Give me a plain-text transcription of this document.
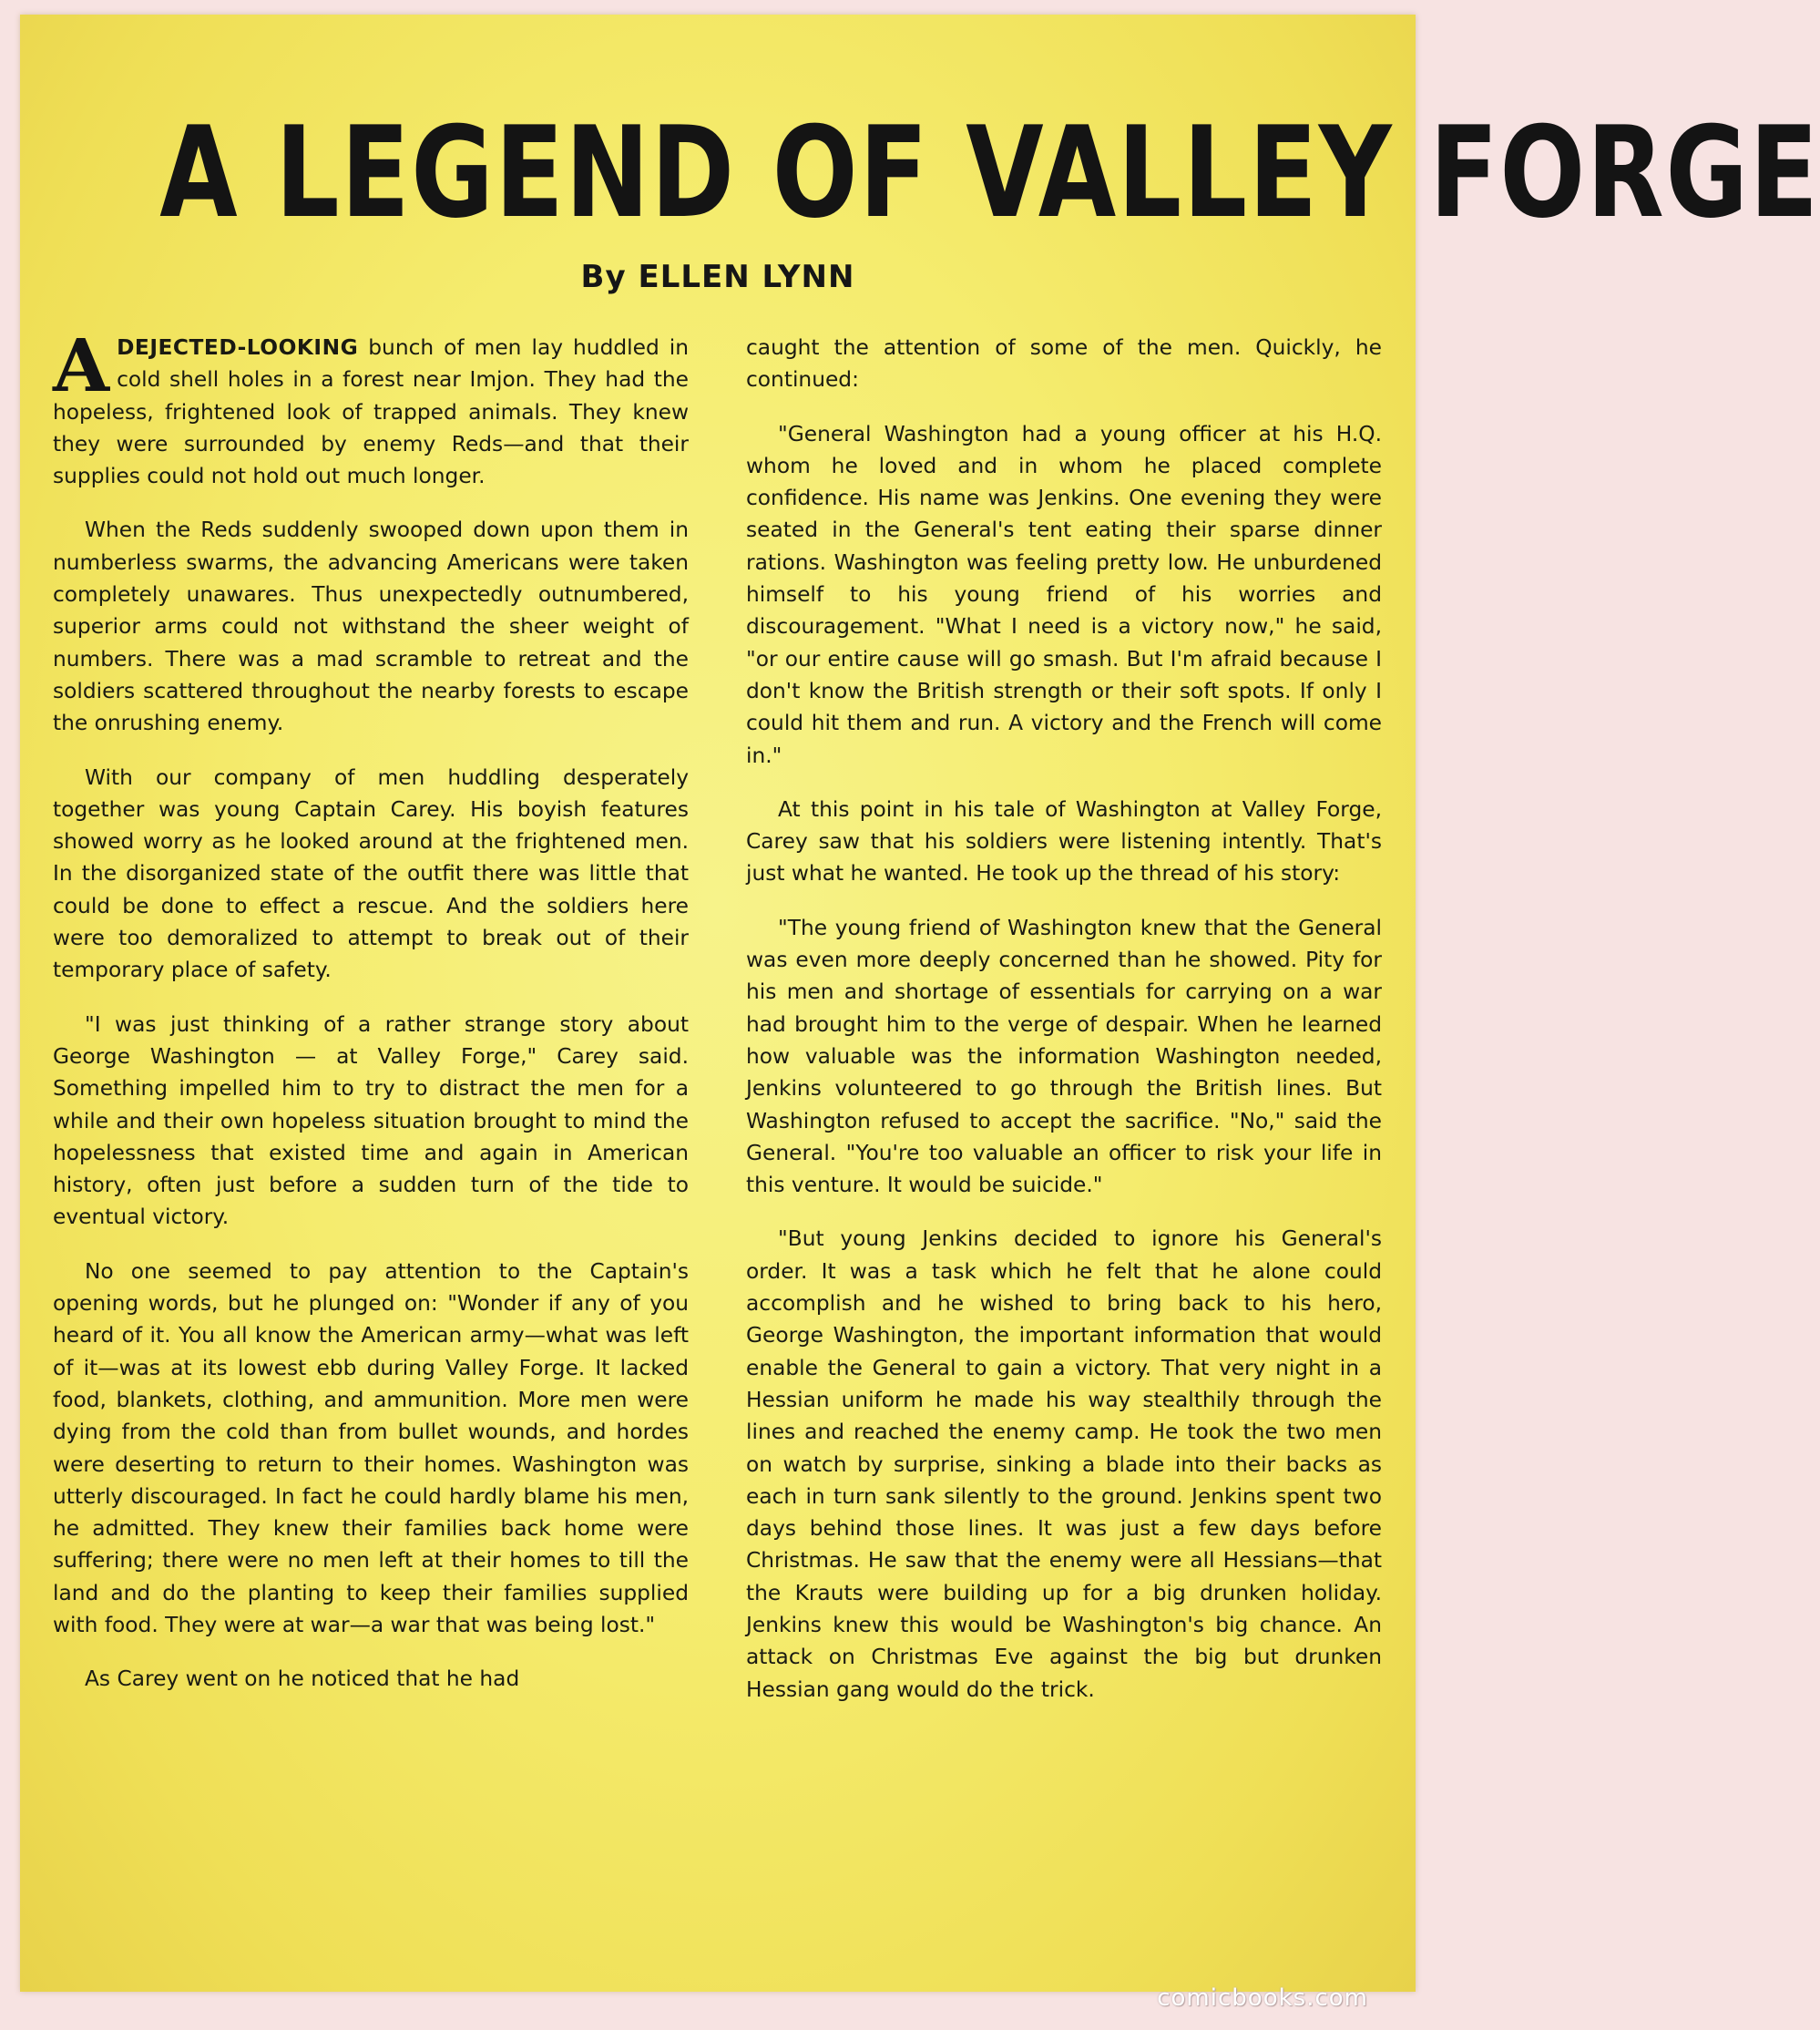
A LEGEND OF VALLEY FORGE
By ELLEN LYNN

ADEJECTED-LOOKING bunch of men lay huddled in cold shell holes in a forest near Imjon. They had the hopeless, frightened look of trapped animals. They knew they were surrounded by enemy Reds—and that their supplies could not hold out much longer.

When the Reds suddenly swooped down upon them in numberless swarms, the advancing Americans were taken completely unawares. Thus unexpectedly outnumbered, superior arms could not withstand the sheer weight of numbers. There was a mad scramble to retreat and the soldiers scattered throughout the nearby forests to escape the onrushing enemy.

With our company of men huddling desperately together was young Captain Carey. His boyish features showed worry as he looked around at the frightened men. In the disorganized state of the outfit there was little that could be done to effect a rescue. And the soldiers here were too demoralized to attempt to break out of their temporary place of safety.

"I was just thinking of a rather strange story about George Washington — at Valley Forge," Carey said. Something impelled him to try to distract the men for a while and their own hopeless situation brought to mind the hopelessness that existed time and again in American history, often just before a sudden turn of the tide to eventual victory.

No one seemed to pay attention to the Captain's opening words, but he plunged on: "Wonder if any of you heard of it. You all know the American army—what was left of it—was at its lowest ebb during Valley Forge. It lacked food, blankets, clothing, and ammunition. More men were dying from the cold than from bullet wounds, and hordes were deserting to return to their homes. Washington was utterly discouraged. In fact he could hardly blame his men, he admitted. They knew their families back home were suffering; there were no men left at their homes to till the land and do the planting to keep their families supplied with food. They were at war—a war that was being lost."

As Carey went on he noticed that he had

caught the attention of some of the men. Quickly, he continued:

"General Washington had a young officer at his H.Q. whom he loved and in whom he placed complete confidence. His name was Jenkins. One evening they were seated in the General's tent eating their sparse dinner rations. Washington was feeling pretty low. He unburdened himself to his young friend of his worries and discouragement. "What I need is a victory now," he said, "or our entire cause will go smash. But I'm afraid because I don't know the British strength or their soft spots. If only I could hit them and run. A victory and the French will come in."

At this point in his tale of Washington at Valley Forge, Carey saw that his soldiers were listening intently. That's just what he wanted. He took up the thread of his story:

"The young friend of Washington knew that the General was even more deeply concerned than he showed. Pity for his men and shortage of essentials for carrying on a war had brought him to the verge of despair. When he learned how valuable was the information Washington needed, Jenkins volunteered to go through the British lines. But Washington refused to accept the sacrifice. "No," said the General. "You're too valuable an officer to risk your life in this venture. It would be suicide."

"But young Jenkins decided to ignore his General's order. It was a task which he felt that he alone could accomplish and he wished to bring back to his hero, George Washington, the important information that would enable the General to gain a victory. That very night in a Hessian uniform he made his way stealthily through the lines and reached the enemy camp. He took the two men on watch by surprise, sinking a blade into their backs as each in turn sank silently to the ground. Jenkins spent two days behind those lines. It was just a few days before Christmas. He saw that the enemy were all Hessians—that the Krauts were building up for a big drunken holiday. Jenkins knew this would be Washington's big chance. An attack on Christmas Eve against the big but drunken Hessian gang would do the trick.

comicbooks.com
